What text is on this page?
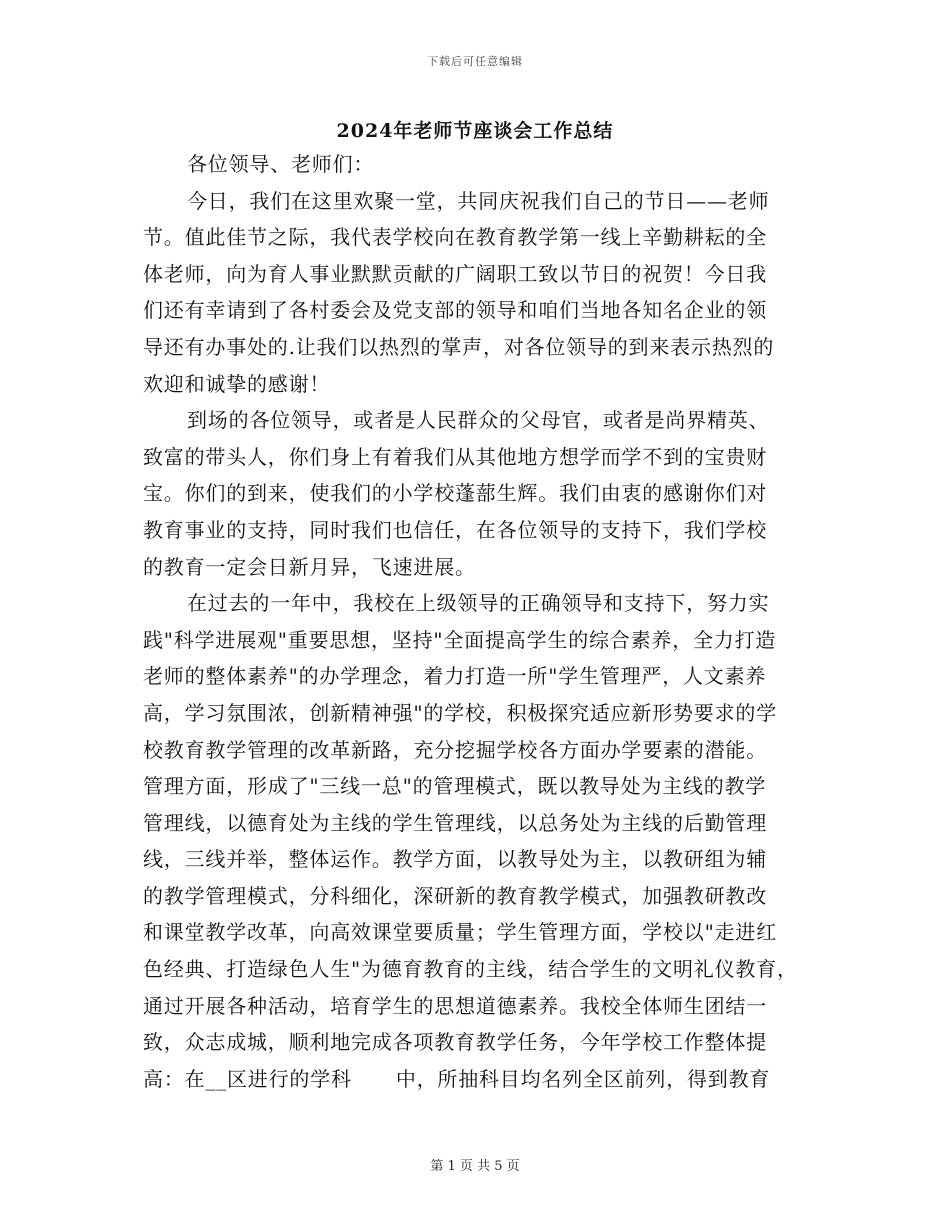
下载后可任意编辑
2024年老师节座谈会工作总结
各位领导、老师们：
今日，我们在这里欢聚一堂，共同庆祝我们自己的节日——老师
节。值此佳节之际，我代表学校向在教育教学第一线上辛勤耕耘的全
体老师，向为育人事业默默贡献的广阔职工致以节日的祝贺！今日我
们还有幸请到了各村委会及党支部的领导和咱们当地各知名企业的领
导还有办事处的.让我们以热烈的掌声，对各位领导的到来表示热烈的
欢迎和诚挚的感谢！
到场的各位领导，或者是人民群众的父母官，或者是尚界精英、
致富的带头人，你们身上有着我们从其他地方想学而学不到的宝贵财
宝。你们的到来，使我们的小学校蓬蔀生辉。我们由衷的感谢你们对
教育事业的支持，同时我们也信任，在各位领导的支持下，我们学校
的教育一定会日新月异，飞速进展。
在过去的一年中，我校在上级领导的正确领导和支持下，努力实
践"科学进展观"重要思想，坚持"全面提高学生的综合素养，全力打造
老师的整体素养"的办学理念，着力打造一所"学生管理严，人文素养
高，学习氛围浓，创新精神强"的学校，积极探究适应新形势要求的学
校教育教学管理的改革新路，充分挖掘学校各方面办学要素的潜能。
管理方面，形成了"三线一总"的管理模式，既以教导处为主线的教学
管理线，以德育处为主线的学生管理线，以总务处为主线的后勤管理
线，三线并举，整体运作。教学方面，以教导处为主，以教研组为辅
的教学管理模式，分科细化，深研新的教育教学模式，加强教研教改
和课堂教学改革，向高效课堂要质量；学生管理方面，学校以"走进红
色经典、打造绿色人生"为德育教育的主线，结合学生的文明礼仪教育，
通过开展各种活动，培育学生的思想道德素养。我校全体师生团结一
致，众志成城，顺利地完成各项教育教学任务，今年学校工作整体提
高：在__区进行的学科 中，所抽科目均名列全区前列，得到教育
第 1 页 共 5 页
